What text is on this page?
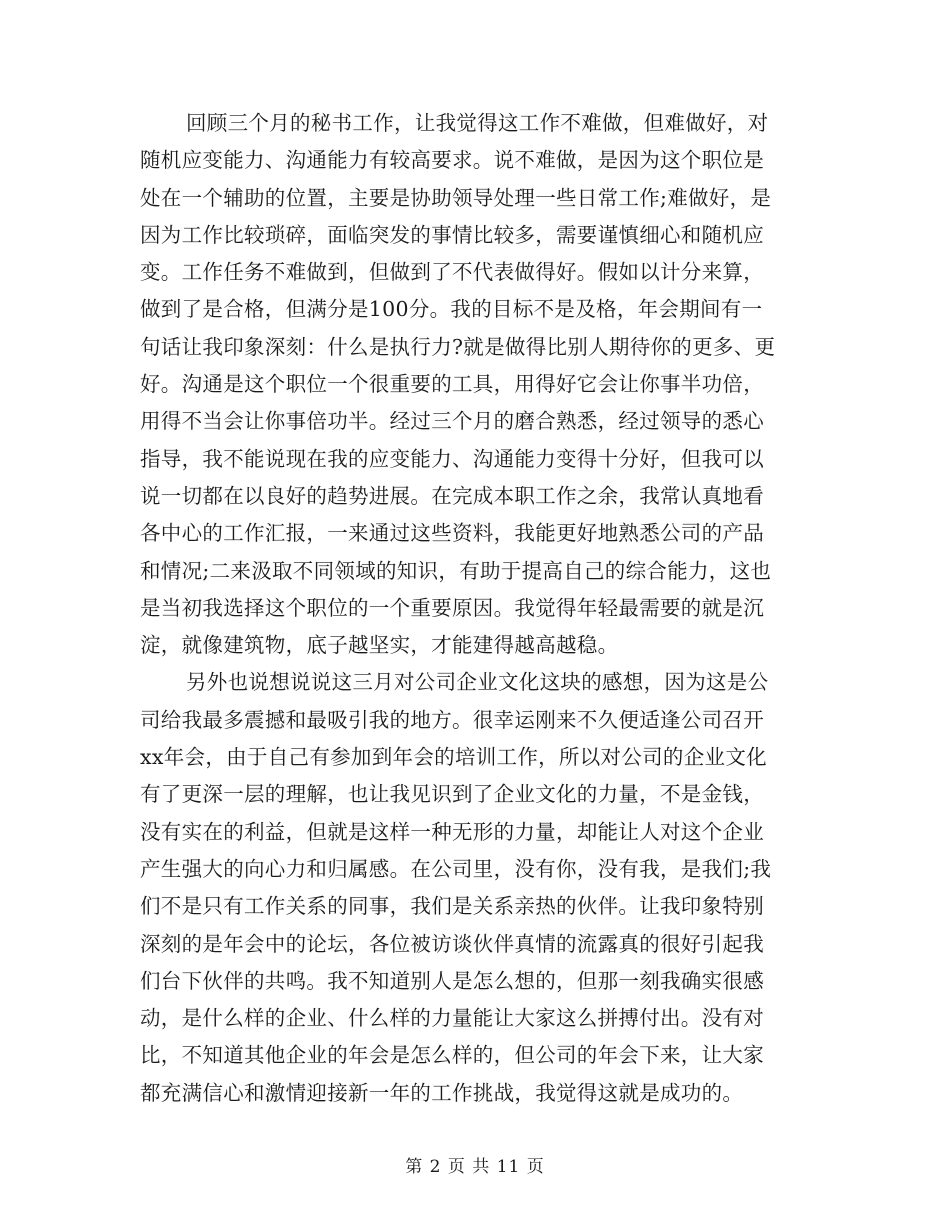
回顾三个月的秘书工作，让我觉得这工作不难做，但难做好，对
随机应变能力、沟通能力有较高要求。说不难做，是因为这个职位是
处在一个辅助的位置，主要是协助领导处理一些日常工作;难做好，是
因为工作比较琐碎，面临突发的事情比较多，需要谨慎细心和随机应
变。工作任务不难做到，但做到了不代表做得好。假如以计分来算，
做到了是合格，但满分是100分。我的目标不是及格，年会期间有一
句话让我印象深刻：什么是执行力?就是做得比别人期待你的更多、更
好。沟通是这个职位一个很重要的工具，用得好它会让你事半功倍，
用得不当会让你事倍功半。经过三个月的磨合熟悉，经过领导的悉心
指导，我不能说现在我的应变能力、沟通能力变得十分好，但我可以
说一切都在以良好的趋势进展。在完成本职工作之余，我常认真地看
各中心的工作汇报，一来通过这些资料，我能更好地熟悉公司的产品
和情况;二来汲取不同领域的知识，有助于提高自己的综合能力，这也
是当初我选择这个职位的一个重要原因。我觉得年轻最需要的就是沉
淀，就像建筑物，底子越坚实，才能建得越高越稳。
另外也说想说说这三月对公司企业文化这块的感想，因为这是公
司给我最多震撼和最吸引我的地方。很幸运刚来不久便适逢公司召开
xx年会，由于自己有参加到年会的培训工作，所以对公司的企业文化
有了更深一层的理解，也让我见识到了企业文化的力量，不是金钱，
没有实在的利益，但就是这样一种无形的力量，却能让人对这个企业
产生强大的向心力和归属感。在公司里，没有你，没有我，是我们;我
们不是只有工作关系的同事，我们是关系亲热的伙伴。让我印象特别
深刻的是年会中的论坛，各位被访谈伙伴真情的流露真的很好引起我
们台下伙伴的共鸣。我不知道别人是怎么想的，但那一刻我确实很感
动，是什么样的企业、什么样的力量能让大家这么拼搏付出。没有对
比，不知道其他企业的年会是怎么样的，但公司的年会下来，让大家
都充满信心和激情迎接新一年的工作挑战，我觉得这就是成功的。
第 2 页 共 11 页
